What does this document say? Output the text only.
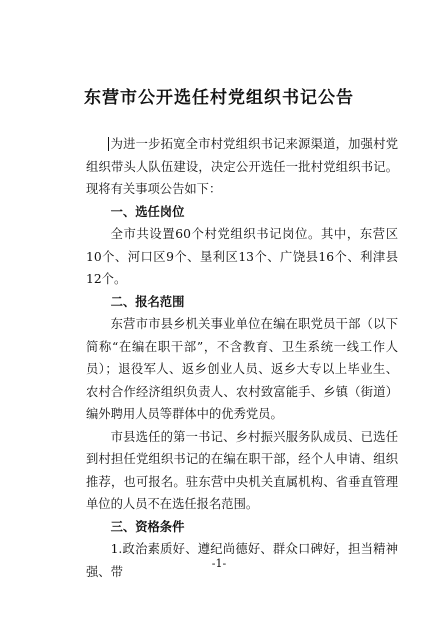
东营市公开选任村党组织书记公告

为进一步拓宽全市村党组织书记来源渠道，加强村党组织带头人队伍建设，决定公开选任一批村党组织书记。现将有关事项公告如下：

一、选任岗位

全市共设置60个村党组织书记岗位。其中，东营区10个、河口区9个、垦利区13个、广饶县16个、利津县12个。

二、报名范围

东营市市县乡机关事业单位在编在职党员干部（以下简称“在编在职干部”，不含教育、卫生系统一线工作人员）；退役军人、返乡创业人员、返乡大专以上毕业生、农村合作经济组织负责人、农村致富能手、乡镇（街道）编外聘用人员等群体中的优秀党员。

市县选任的第一书记、乡村振兴服务队成员、已选任到村担任党组织书记的在编在职干部，经个人申请、组织推荐，也可报名。驻东营中央机关直属机构、省垂直管理单位的人员不在选任报名范围。

三、资格条件

1.政治素质好、遵纪尚德好、群众口碑好，担当精神强、带

-1-
